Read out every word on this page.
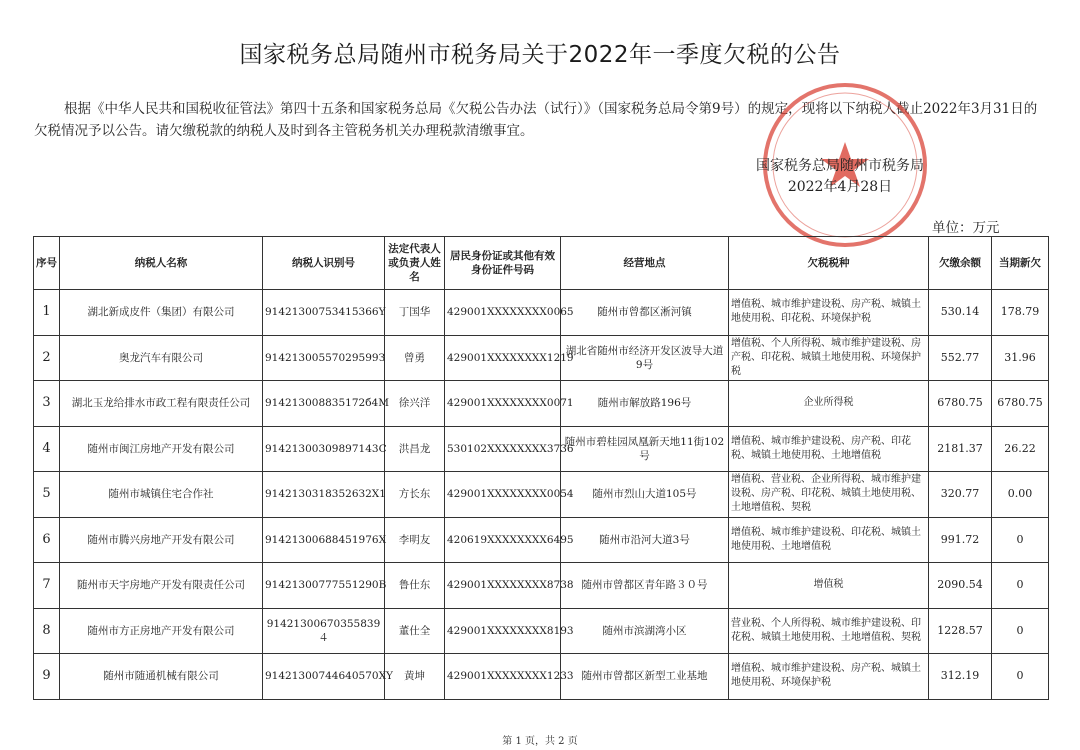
国家税务总局随州市税务局关于2022年一季度欠税的公告
根据《中华人民共和国税收征管法》第四十五条和国家税务总局《欠税公告办法（试行）》（国家税务总局令第9号）的规定，现将以下纳税人截止2022年3月31日的欠税情况予以公告。请欠缴税款的纳税人及时到各主管税务机关办理税款清缴事宜。
国家税务总局随州市税务局
2022年4月28日
单位：万元
序号	纳税人名称	纳税人识别号	法定代表人或负责人姓名	居民身份证或其他有效身份证件号码	经营地点	欠税税种	欠缴余额	当期新欠
1	湖北新成皮件（集团）有限公司	91421300753415366Y	丁国华	429001XXXXXXXX0065	随州市曾都区淅河镇	增值税、城市维护建设税、房产税、城镇土地使用税、印花税、环境保护税	530.14	178.79
2	奥龙汽车有限公司	91421300557029599З	曾勇	429001XXXXXXXX1219	湖北省随州市经济开发区波导大道9号	增值税、个人所得税、城市维护建设税、房产税、印花税、城镇土地使用税、环境保护税	552.77	31.96
3	湖北玉龙给排水市政工程有限责任公司	914213008835172б4M	徐兴洋	429001XXXXXXXX0071	随州市解放路196号	企业所得税	6780.75	6780.75
4	随州市闽江房地产开发有限公司	91421300309897143C	洪昌龙	530102XXXXXXXX3736	随州市碧桂园凤凰新天地11街102号	增值税、城市维护建设税、房产税、印花税、城镇土地使用税、土地增值税	2181.37	26.22
5	随州市城镇住宅合作社	91421303183526З2X1	方长东	429001XXXXXXXX0054	随州市烈山大道105号	增值税、营业税、企业所得税、城市维护建设税、房产税、印花税、城镇土地使用税、土地增值税、契税	320.77	0.00
6	随州市腾兴房地产开发有限公司	91421300688451976X	李明友	420619XXXXXXXX6495	随州市沿河大道3号	增值税、城市维护建设税、印花税、城镇土地使用税、土地增值税	991.72	0
7	随州市天宇房地产开发有限责任公司	91421300777551290B	鲁仕东	429001XXXXXXXX8738	随州市曾都区青年路３０号	增值税	2090.54	0
8	随州市方正房地产开发有限公司	91421300670355839４	董仕全	429001XXXXXXXX8193	随州市滨湖湾小区	营业税、个人所得税、城市维护建设税、印花税、城镇土地使用税、土地增值税、契税	1228.57	0
9	随州市随通机械有限公司	91421300744640570XY	黄坤	429001XXXXXXXX1233	随州市曾都区新型工业基地	增值税、城市维护建设税、房产税、城镇土地使用税、环境保护税	312.19	0
第 1 页，共 2 页
